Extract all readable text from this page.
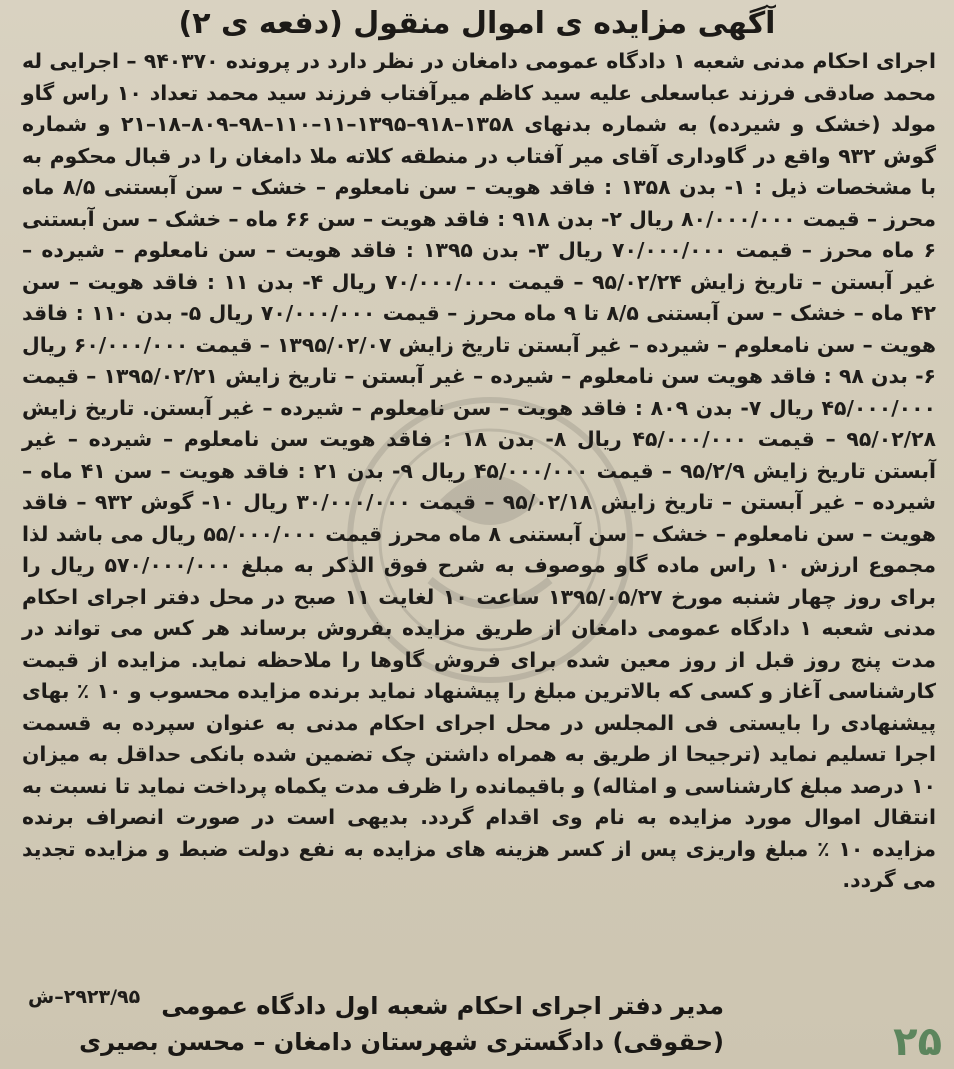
آگهی مزایده ی اموال منقول (دفعه ی ۲)

اجرای احکام مدنی شعبه ۱ دادگاه عمومی دامغان در نظر دارد در پرونده ۹۴۰۳۷۰ – اجرایی له محمد صادقی فرزند عباسعلی علیه سید کاظم میرآفتاب فرزند سید محمد تعداد ۱۰ راس گاو مولد (خشک و شیرده) به شماره بدنهای ۱۳۵۸–۹۱۸–۱۳۹۵–۱۱–۱۱۰–۹۸–۸۰۹–۱۸–۲۱ و شماره گوش ۹۳۲ واقع در گاوداری آقای میر آفتاب در منطقه کلاته ملا دامغان را در قبال محکوم به با مشخصات ذیل : ۱- بدن ۱۳۵۸ : فاقد هویت – سن نامعلوم – خشک – سن آبستنی ۸/۵ ماه محرز – قیمت ۸۰/۰۰۰/۰۰۰ ریال ۲- بدن ۹۱۸ : فاقد هویت – سن ۶۶ ماه – خشک – سن آبستنی ۶ ماه محرز – قیمت ۷۰/۰۰۰/۰۰۰ ریال ۳- بدن ۱۳۹۵ : فاقد هویت – سن نامعلوم – شیرده – غیر آبستن – تاریخ زایش ۹۵/۰۲/۲۴ – قیمت ۷۰/۰۰۰/۰۰۰ ریال ۴- بدن ۱۱ : فاقد هویت – سن ۴۲ ماه – خشک – سن آبستنی ۸/۵ تا ۹ ماه محرز – قیمت ۷۰/۰۰۰/۰۰۰ ریال ۵- بدن ۱۱۰ : فاقد هویت – سن نامعلوم – شیرده – غیر آبستن تاریخ زایش ۱۳۹۵/۰۲/۰۷ – قیمت ۶۰/۰۰۰/۰۰۰ ریال ۶- بدن ۹۸ : فاقد هویت سن نامعلوم – شیرده – غیر آبستن – تاریخ زایش ۱۳۹۵/۰۲/۲۱ – قیمت ۴۵/۰۰۰/۰۰۰ ریال ۷- بدن ۸۰۹ : فاقد هویت – سن نامعلوم – شیرده – غیر آبستن. تاریخ زایش ۹۵/۰۲/۲۸ – قیمت ۴۵/۰۰۰/۰۰۰ ریال ۸- بدن ۱۸ : فاقد هویت سن نامعلوم – شیرده – غیر آبستن تاریخ زایش ۹۵/۲/۹ – قیمت ۴۵/۰۰۰/۰۰۰ ریال ۹- بدن ۲۱ : فاقد هویت – سن ۴۱ ماه – شیرده – غیر آبستن – تاریخ زایش ۹۵/۰۲/۱۸ – قیمت ۳۰/۰۰۰/۰۰۰ ریال ۱۰- گوش ۹۳۲ – فاقد هویت – سن نامعلوم – خشک – سن آبستنی ۸ ماه محرز قیمت ۵۵/۰۰۰/۰۰۰ ریال می باشد لذا مجموع ارزش ۱۰ راس ماده گاو موصوف به شرح فوق الذکر به مبلغ ۵۷۰/۰۰۰/۰۰۰ ریال را برای روز چهار شنبه مورخ ۱۳۹۵/۰۵/۲۷ ساعت ۱۰ لغایت ۱۱ صبح در محل دفتر اجرای احکام مدنی شعبه ۱ دادگاه عمومی دامغان از طریق مزایده بفروش برساند هر کس می تواند در مدت پنج روز قبل از روز معین شده برای فروش گاوها را ملاحظه نماید. مزایده از قیمت کارشناسی آغاز و کسی که بالاترین مبلغ را پیشنهاد نماید برنده مزایده محسوب و ۱۰ ٪ بهای پیشنهادی را بایستی فی المجلس در محل اجرای احکام مدنی به عنوان سپرده به قسمت اجرا تسلیم نماید (ترجیحا از طریق به همراه داشتن چک تضمین شده بانکی حداقل به میزان ۱۰ درصد مبلغ کارشناسی و امثاله) و باقیمانده را ظرف مدت یکماه پرداخت نماید تا نسبت به انتقال اموال مورد مزایده به نام وی اقدام گردد. بدیهی است در صورت انصراف برنده مزایده ۱۰ ٪ مبلغ واریزی پس از کسر هزینه های مزایده به نفع دولت ضبط و مزایده تجدید می گردد.

مدیر دفتر اجرای احکام شعبه اول دادگاه عمومی

(حقوقی) دادگستری شهرستان دامغان – محسن بصیری

۲۹۲۳/۹۵–ش
۲۵
